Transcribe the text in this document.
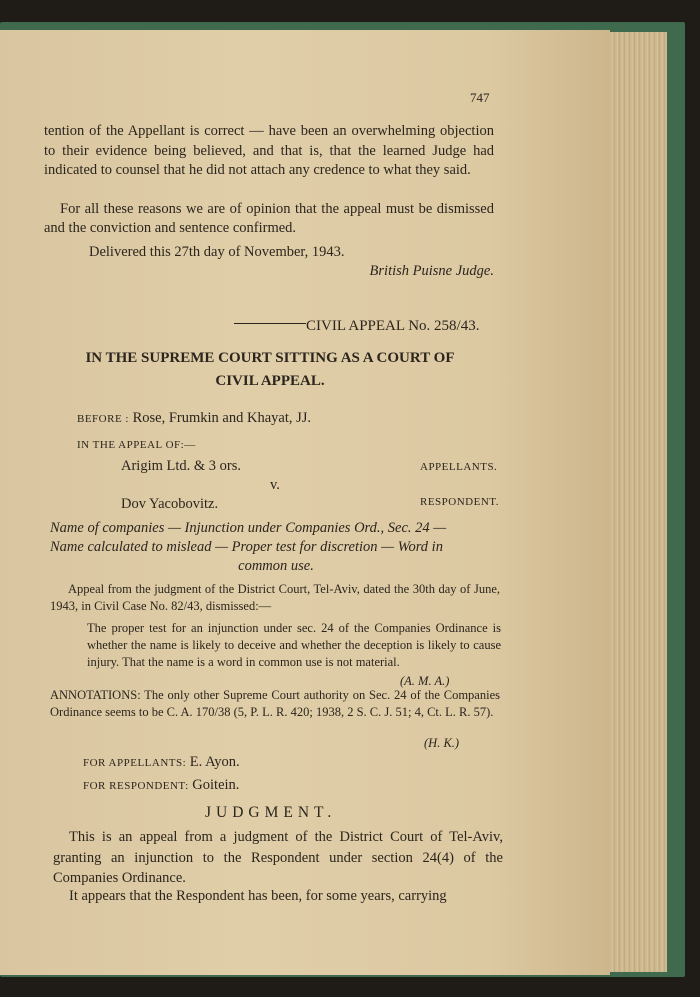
747

tention of the Appellant is correct — have been an overwhelming objection to their evidence being believed, and that is, that the learned Judge had indicated to counsel that he did not attach any credence to what they said.

For all these reasons we are of opinion that the appeal must be dismissed and the conviction and sentence confirmed.

Delivered this 27th day of November, 1943.

British Puisne Judge.

CIVIL APPEAL No. 258/43.

IN THE SUPREME COURT SITTING AS A COURT OF

CIVIL APPEAL.

BEFORE : Rose, Frumkin and Khayat, JJ.

IN THE APPEAL OF:—

Arigim Ltd. & 3 ors.	APPELLANTS.

v.

Dov Yacobovitz.	RESPONDENT.

Name of companies — Injunction under Companies Ord., Sec. 24 —

Name calculated to mislead — Proper test for discretion — Word in

common use.

Appeal from the judgment of the District Court, Tel-Aviv, dated the 30th day of June, 1943, in Civil Case No. 82/43, dismissed:—

The proper test for an injunction under sec. 24 of the Companies Ordinance is whether the name is likely to deceive and whether the deception is likely to cause injury. That the name is a word in common use is not material.

(A. M. A.)

ANNOTATIONS: The only other Supreme Court authority on Sec. 24 of the Companies Ordinance seems to be C. A. 170/38 (5, P. L. R. 420; 1938, 2 S. C. J. 51; 4, Ct. L. R. 57).

(H. K.)

FOR APPELLANTS: E. Ayon.

FOR RESPONDENT: Goitein.

JUDGMENT.

This is an appeal from a judgment of the District Court of Tel-Aviv, granting an injunction to the Respondent under section 24(4) of the Companies Ordinance.

It appears that the Respondent has been, for some years, carrying
